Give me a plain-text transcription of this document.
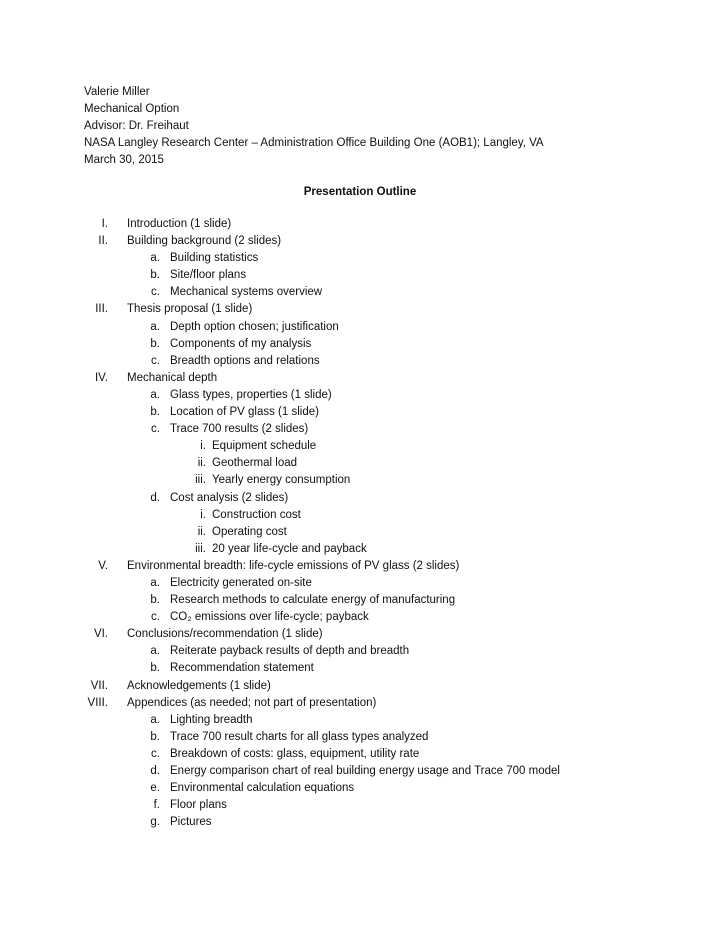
Valerie Miller
Mechanical Option
Advisor: Dr. Freihaut
NASA Langley Research Center – Administration Office Building One (AOB1); Langley, VA
March 30, 2015
Presentation Outline
I. Introduction (1 slide)
II. Building background (2 slides)
a. Building statistics
b. Site/floor plans
c. Mechanical systems overview
III. Thesis proposal (1 slide)
a. Depth option chosen; justification
b. Components of my analysis
c. Breadth options and relations
IV. Mechanical depth
a. Glass types, properties (1 slide)
b. Location of PV glass (1 slide)
c. Trace 700 results (2 slides)
i. Equipment schedule
ii. Geothermal load
iii. Yearly energy consumption
d. Cost analysis (2 slides)
i. Construction cost
ii. Operating cost
iii. 20 year life-cycle and payback
V. Environmental breadth: life-cycle emissions of PV glass (2 slides)
a. Electricity generated on-site
b. Research methods to calculate energy of manufacturing
c. CO₂ emissions over life-cycle; payback
VI. Conclusions/recommendation (1 slide)
a. Reiterate payback results of depth and breadth
b. Recommendation statement
VII. Acknowledgements (1 slide)
VIII. Appendices (as needed; not part of presentation)
a. Lighting breadth
b. Trace 700 result charts for all glass types analyzed
c. Breakdown of costs: glass, equipment, utility rate
d. Energy comparison chart of real building energy usage and Trace 700 model
e. Environmental calculation equations
f. Floor plans
g. Pictures
